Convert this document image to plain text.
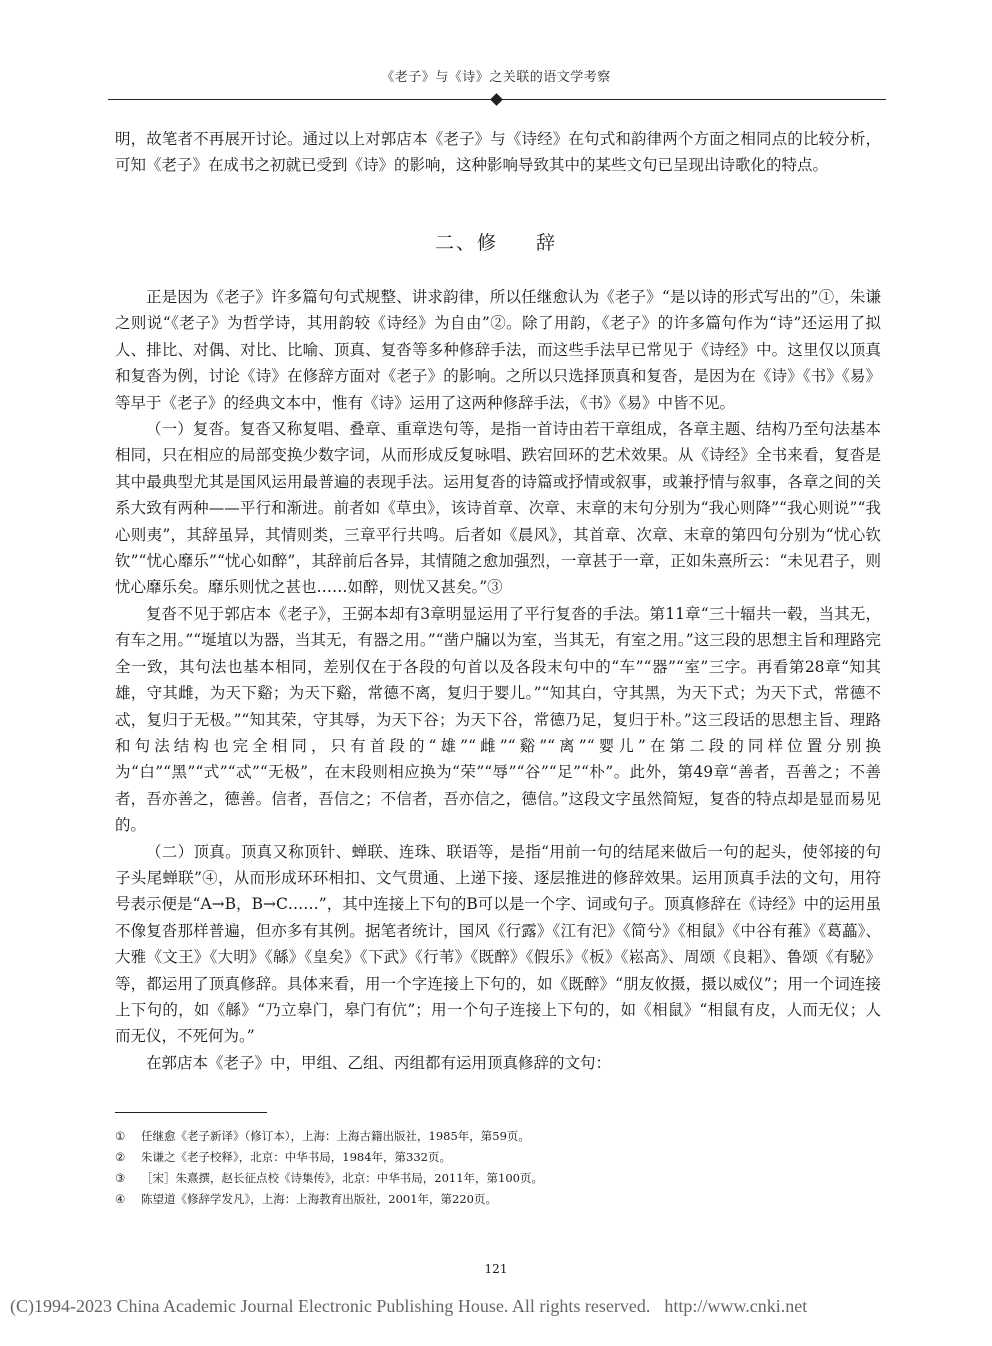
《老子》与《诗》之关联的语文学考察

明，故笔者不再展开讨论。通过以上对郭店本《老子》与《诗经》在句式和韵律两个方面之相同点的比较分析，可知《老子》在成书之初就已受到《诗》的影响，这种影响导致其中的某些文句已呈现出诗歌化的特点。

二、修 辞

正是因为《老子》许多篇句句式规整、讲求韵律，所以任继愈认为《老子》“是以诗的形式写出的”①，朱谦之则说“《老子》为哲学诗，其用韵较《诗经》为自由”②。除了用韵，《老子》的许多篇句作为“诗”还运用了拟人、排比、对偶、对比、比喻、顶真、复沓等多种修辞手法，而这些手法早已常见于《诗经》中。这里仅以顶真和复沓为例，讨论《诗》在修辞方面对《老子》的影响。之所以只选择顶真和复沓，是因为在《诗》《书》《易》等早于《老子》的经典文本中，惟有《诗》运用了这两种修辞手法，《书》《易》中皆不见。

（一）复沓。复沓又称复唱、叠章、重章迭句等，是指一首诗由若干章组成，各章主题、结构乃至句法基本相同，只在相应的局部变换少数字词，从而形成反复咏唱、跌宕回环的艺术效果。从《诗经》全书来看，复沓是其中最典型尤其是国风运用最普遍的表现手法。运用复沓的诗篇或抒情或叙事，或兼抒情与叙事，各章之间的关系大致有两种——平行和渐进。前者如《草虫》，该诗首章、次章、末章的末句分别为“我心则降”“我心则说”“我心则夷”，其辞虽异，其情则类，三章平行共鸣。后者如《晨风》，其首章、次章、末章的第四句分别为“忧心钦钦”“忧心靡乐”“忧心如醉”，其辞前后各异，其情随之愈加强烈，一章甚于一章，正如朱熹所云：“未见君子，则忧心靡乐矣。靡乐则忧之甚也……如醉，则忧又甚矣。”③

复沓不见于郭店本《老子》，王弼本却有3章明显运用了平行复沓的手法。第11章“三十辐共一毂，当其无，有车之用。”“埏埴以为器，当其无，有器之用。”“凿户牖以为室，当其无，有室之用。”这三段的思想主旨和理路完全一致，其句法也基本相同，差别仅在于各段的句首以及各段末句中的“车”“器”“室”三字。再看第28章“知其雄，守其雌，为天下谿；为天下谿，常德不离，复归于婴儿。”“知其白，守其黑，为天下式；为天下式，常德不忒，复归于无极。”“知其荣，守其辱，为天下谷；为天下谷，常德乃足，复归于朴。”这三段话的思想主旨、理路和句法结构也完全相同，只有首段的“雄”“雌”“谿”“离”“婴儿”在第二段的同样位置分别换为“白”“黑”“式”“忒”“无极”，在末段则相应换为“荣”“辱”“谷”“足”“朴”。此外，第49章“善者，吾善之；不善者，吾亦善之，德善。信者，吾信之；不信者，吾亦信之，德信。”这段文字虽然简短，复沓的特点却是显而易见的。

（二）顶真。顶真又称顶针、蝉联、连珠、联语等，是指“用前一句的结尾来做后一句的起头，使邻接的句子头尾蝉联”④，从而形成环环相扣、文气贯通、上递下接、逐层推进的修辞效果。运用顶真手法的文句，用符号表示便是“A→B，B→C……”，其中连接上下句的B可以是一个字、词或句子。顶真修辞在《诗经》中的运用虽不像复沓那样普遍，但亦多有其例。据笔者统计，国风《行露》《江有汜》《简兮》《相鼠》《中谷有蓷》《葛藟》、大雅《文王》《大明》《緜》《皇矣》《下武》《行苇》《既醉》《假乐》《板》《崧高》、周颂《良耜》、鲁颂《有駜》等，都运用了顶真修辞。具体来看，用一个字连接上下句的，如《既醉》“朋友攸摄，摄以威仪”；用一个词连接上下句的，如《緜》“乃立皋门，皋门有伉”；用一个句子连接上下句的，如《相鼠》“相鼠有皮，人而无仪；人而无仪，不死何为。”

在郭店本《老子》中，甲组、乙组、丙组都有运用顶真修辞的文句：

①	任继愈《老子新译》（修订本），上海：上海古籍出版社，1985年，第59页。
②	朱谦之《老子校释》，北京：中华书局，1984年，第332页。
③	［宋］朱熹撰，赵长征点校《诗集传》，北京：中华书局，2011年，第100页。
④	陈望道《修辞学发凡》，上海：上海教育出版社，2001年，第220页。
121
(C)1994-2023 China Academic Journal Electronic Publishing House. All rights reserved. http://www.cnki.net
